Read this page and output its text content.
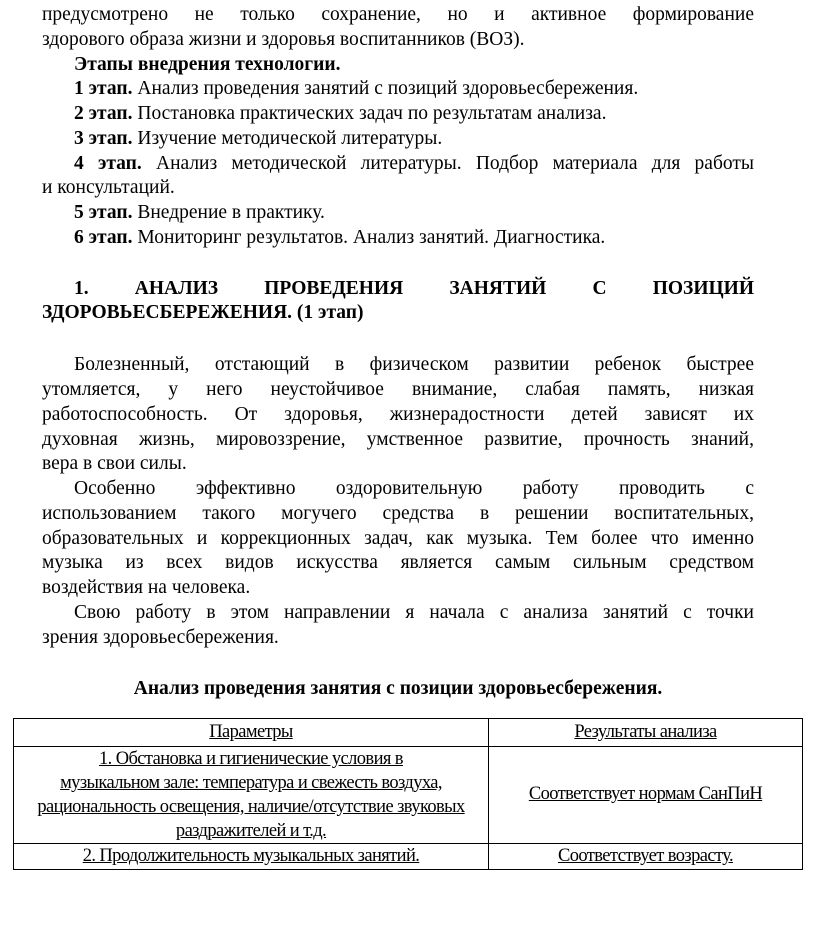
предусмотрено не только сохранение, но и активное формирование

здорового образа жизни и здоровья воспитанников (ВОЗ).

Этапы внедрения технологии.

1 этап. Анализ проведения занятий с позиций здоровьесбережения.

2 этап. Постановка практических задач по результатам анализа.

3 этап. Изучение методической литературы.

4 этап. Анализ методической литературы. Подбор материала для работы

и консультаций.

5 этап. Внедрение в практику.

6 этап. Мониторинг результатов. Анализ занятий. Диагностика.

1. АНАЛИЗ ПРОВЕДЕНИЯ ЗАНЯТИЙ С ПОЗИЦИЙ

ЗДОРОВЬЕСБЕРЕЖЕНИЯ. (1 этап)

Болезненный, отстающий в физическом развитии ребенок быстрее

утомляется, у него неустойчивое внимание, слабая память, низкая

работоспособность. От здоровья, жизнерадостности детей зависят их

духовная жизнь, мировоззрение, умственное развитие, прочность знаний,

вера в свои силы.

Особенно эффективно оздоровительную работу проводить с

использованием такого могучего средства в решении воспитательных,

образовательных и коррекционных задач, как музыка. Тем более что именно

музыка из всех видов искусства является самым сильным средством

воздействия на человека.

Свою работу в этом направлении я начала с анализа занятий с точки

зрения здоровьесбережения.

Анализ проведения занятия с позиции здоровьесбережения.

Параметры	Результаты анализа
1. Обстановка и гигиенические условия в
музыкальном зале: температура и свежесть воздуха,
рациональность освещения, наличие/отсутствие звуковых
раздражителей и т.д.	Соответствует нормам СанПиН
2. Продолжительность музыкальных занятий.	Соответствует возрасту.
